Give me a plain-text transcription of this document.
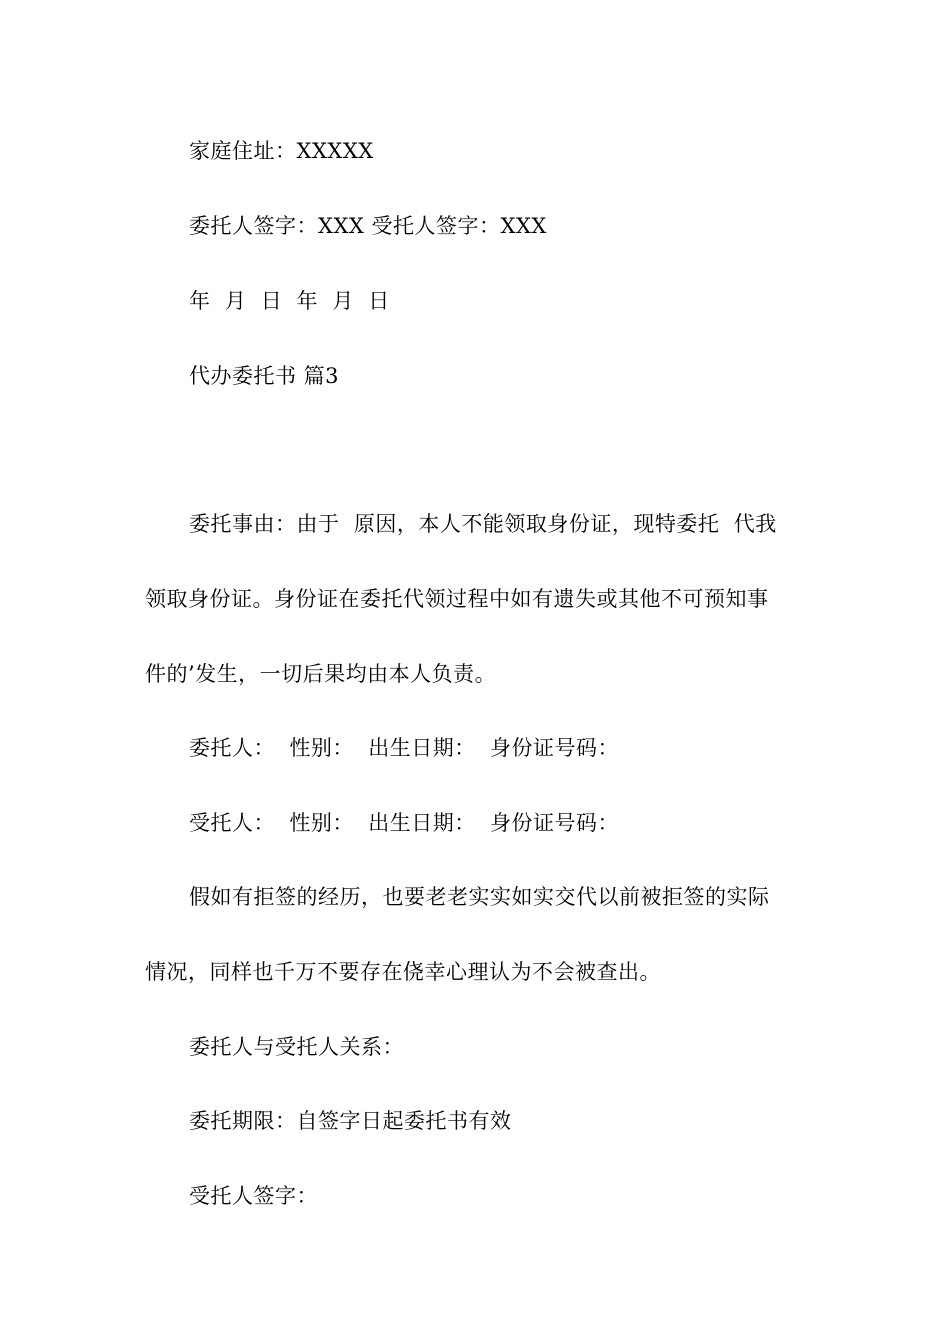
家庭住址：XXXXX
委托人签字：XXX 受托人签字：XXX
年  月  日  年  月  日
代办委托书 篇3
委托事由：由于  原因，本人不能领取身份证，现特委托  代我
领取身份证。身份证在委托代领过程中如有遗失或其他不可预知事
件的’发生，一切后果均由本人负责。
委托人：  性别：  出生日期：  身份证号码：
受托人：  性别：  出生日期：  身份证号码：
假如有拒签的经历，也要老老实实如实交代以前被拒签的实际
情况，同样也千万不要存在侥幸心理认为不会被查出。
委托人与受托人关系：
委托期限：自签字日起委托书有效
受托人签字：
